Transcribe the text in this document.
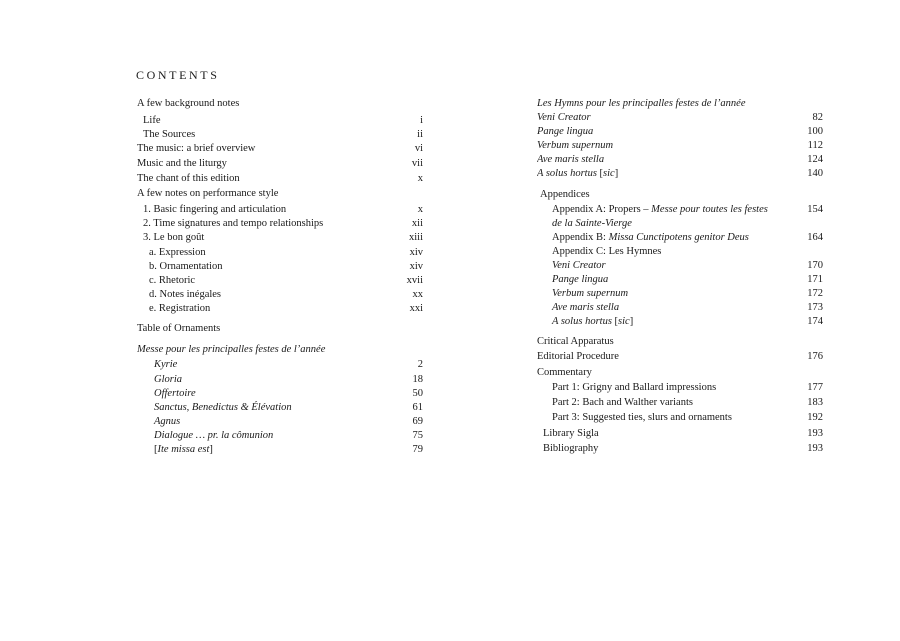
CONTENTS
A few background notes
Life	i
The Sources	ii
The music: a brief overview	vi
Music and the liturgy	vii
The chant of this edition	x
A few notes on performance style
1. Basic fingering and articulation	x
2. Time signatures and tempo relationships	xii
3. Le bon goût	xiii
a. Expression	xiv
b. Ornamentation	xiv
c. Rhetoric	xvii
d. Notes inégales	xx
e. Registration	xxi
Table of Ornaments
Messe pour les principalles festes de l’année
Kyrie	2
Gloria	18
Offertoire	50
Sanctus, Benedictus & Élévation	61
Agnus	69
Dialogue … pr. la cômunion	75
[Ite missa est]	79
Les Hymns pour les principalles festes de l’année
Veni Creator	82
Pange lingua	100
Verbum supernum	112
Ave maris stella	124
A solus hortus [sic]	140
Appendices
Appendix A: Propers – Messe pour toutes les festes	154
de la Sainte-Vierge
Appendix B: Missa Cunctipotens genitor Deus	164
Appendix C: Les Hymnes
Veni Creator	170
Pange lingua	171
Verbum supernum	172
Ave maris stella	173
A solus hortus [sic]	174
Critical Apparatus
Editorial Procedure	176
Commentary
Part 1: Grigny and Ballard impressions	177
Part 2: Bach and Walther variants	183
Part 3: Suggested ties, slurs and ornaments	192
Library Sigla	193
Bibliography	193
